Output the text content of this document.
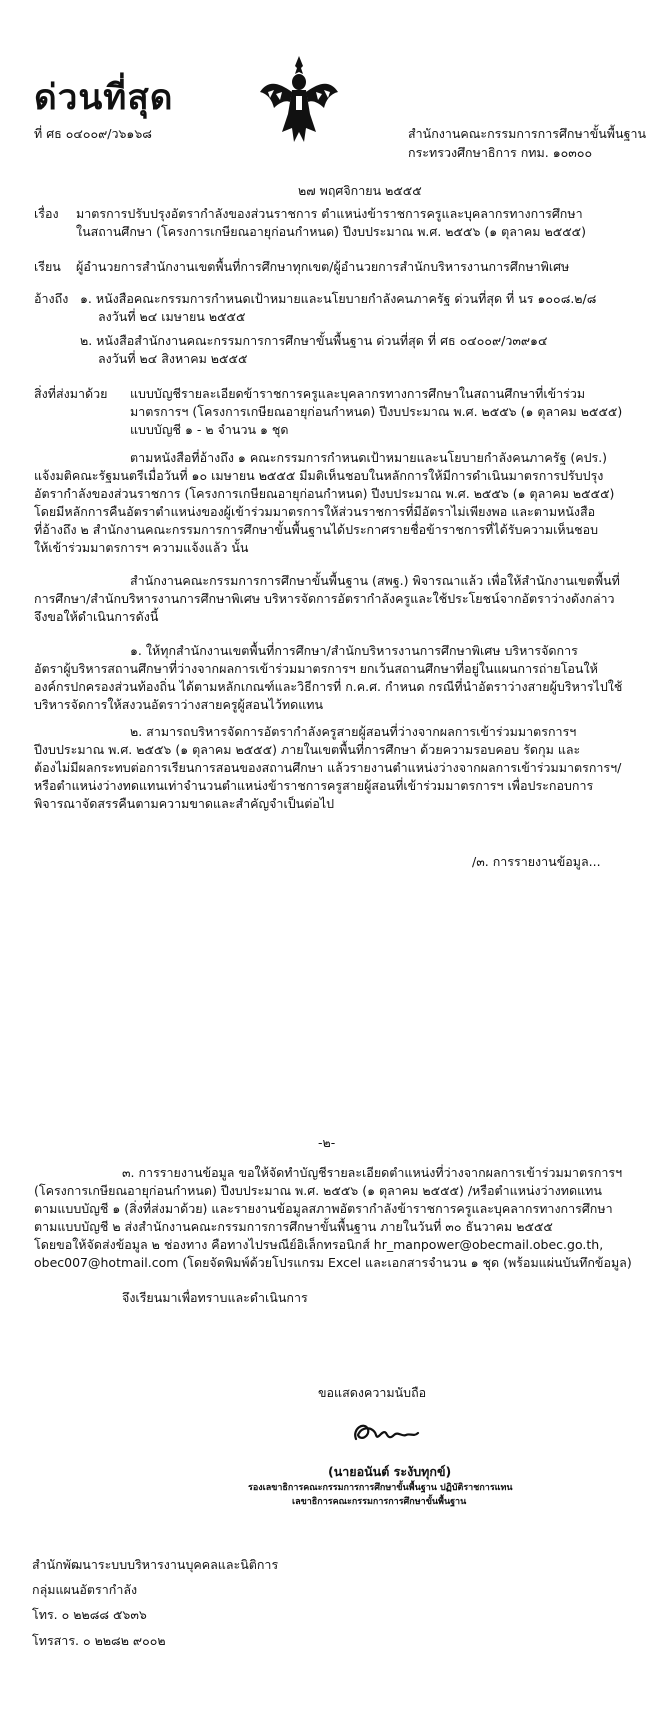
ด่วนที่สุด
ที่ ศธ ๐๔๐๐๙/ว๖๑๖๘	สำนักงานคณะกรรมการการศึกษาขั้นพื้นฐาน
กระทรวงศึกษาธิการ กทม. ๑๐๓๐๐
๒๗ พฤศจิกายน ๒๕๕๕
เรื่อง มาตรการปรับปรุงอัตรากำลังของส่วนราชการ ตำแหน่งข้าราชการครูและบุคลากรทางการศึกษา
ในสถานศึกษา (โครงการเกษียณอายุก่อนกำหนด) ปีงบประมาณ พ.ศ. ๒๕๕๖ (๑ ตุลาคม ๒๕๕๕)
เรียน ผู้อำนวยการสำนักงานเขตพื้นที่การศึกษาทุกเขต/ผู้อำนวยการสำนักบริหารงานการศึกษาพิเศษ
อ้างถึง ๑. หนังสือคณะกรรมการกำหนดเป้าหมายและนโยบายกำลังคนภาครัฐ ด่วนที่สุด ที่ นร ๑๐๐๘.๒/๘
ลงวันที่ ๒๔ เมษายน ๒๕๕๕
๒. หนังสือสำนักงานคณะกรรมการการศึกษาขั้นพื้นฐาน ด่วนที่สุด ที่ ศธ ๐๔๐๐๙/ว๓๙๑๔
ลงวันที่ ๒๔ สิงหาคม ๒๕๕๕
สิ่งที่ส่งมาด้วย แบบบัญชีรายละเอียดข้าราชการครูและบุคลากรทางการศึกษาในสถานศึกษาที่เข้าร่วม
มาตรการฯ (โครงการเกษียณอายุก่อนกำหนด) ปีงบประมาณ พ.ศ. ๒๕๕๖ (๑ ตุลาคม ๒๕๕๕)
แบบบัญชี ๑ - ๒ จำนวน ๑ ชุด
ตามหนังสือที่อ้างถึง ๑ คณะกรรมการกำหนดเป้าหมายและนโยบายกำลังคนภาครัฐ (คปร.)
แจ้งมติคณะรัฐมนตรีเมื่อวันที่ ๑๐ เมษายน ๒๕๕๕ มีมติเห็นชอบในหลักการให้มีการดำเนินมาตรการปรับปรุง
อัตรากำลังของส่วนราชการ (โครงการเกษียณอายุก่อนกำหนด) ปีงบประมาณ พ.ศ. ๒๕๕๖ (๑ ตุลาคม ๒๕๕๕)
โดยมีหลักการคืนอัตราตำแหน่งของผู้เข้าร่วมมาตรการให้ส่วนราชการที่มีอัตราไม่เพียงพอ และตามหนังสือ
ที่อ้างถึง ๒ สำนักงานคณะกรรมการการศึกษาขั้นพื้นฐานได้ประกาศรายชื่อข้าราชการที่ได้รับความเห็นชอบ
ให้เข้าร่วมมาตรการฯ ความแจ้งแล้ว นั้น
สำนักงานคณะกรรมการการศึกษาขั้นพื้นฐาน (สพฐ.) พิจารณาแล้ว เพื่อให้สำนักงานเขตพื้นที่
การศึกษา/สำนักบริหารงานการศึกษาพิเศษ บริหารจัดการอัตรากำลังครูและใช้ประโยชน์จากอัตราว่างดังกล่าว
จึงขอให้ดำเนินการดังนี้
๑. ให้ทุกสำนักงานเขตพื้นที่การศึกษา/สำนักบริหารงานการศึกษาพิเศษ บริหารจัดการ
อัตราผู้บริหารสถานศึกษาที่ว่างจากผลการเข้าร่วมมาตรการฯ ยกเว้นสถานศึกษาที่อยู่ในแผนการถ่ายโอนให้
องค์กรปกครองส่วนท้องถิ่น ได้ตามหลักเกณฑ์และวิธีการที่ ก.ค.ศ. กำหนด กรณีที่นำอัตราว่างสายผู้บริหารไปใช้
บริหารจัดการให้สงวนอัตราว่างสายครูผู้สอนไว้ทดแทน
๒. สามารถบริหารจัดการอัตรากำลังครูสายผู้สอนที่ว่างจากผลการเข้าร่วมมาตรการฯ
ปีงบประมาณ พ.ศ. ๒๕๕๖ (๑ ตุลาคม ๒๕๕๕) ภายในเขตพื้นที่การศึกษา ด้วยความรอบคอบ รัดกุม และ
ต้องไม่มีผลกระทบต่อการเรียนการสอนของสถานศึกษา แล้วรายงานตำแหน่งว่างจากผลการเข้าร่วมมาตรการฯ/
หรือตำแหน่งว่างทดแทนเท่าจำนวนตำแหน่งข้าราชการครูสายผู้สอนที่เข้าร่วมมาตรการฯ เพื่อประกอบการ
พิจารณาจัดสรรคืนตามความขาดและสำคัญจำเป็นต่อไป
/๓. การรายงานข้อมูล...
-๒-
๓. การรายงานข้อมูล ขอให้จัดทำบัญชีรายละเอียดตำแหน่งที่ว่างจากผลการเข้าร่วมมาตรการฯ
(โครงการเกษียณอายุก่อนกำหนด) ปีงบประมาณ พ.ศ. ๒๕๕๖ (๑ ตุลาคม ๒๕๕๕) /หรือตำแหน่งว่างทดแทน
ตามแบบบัญชี ๑ (สิ่งที่ส่งมาด้วย) และรายงานข้อมูลสภาพอัตรากำลังข้าราชการครูและบุคลากรทางการศึกษา
ตามแบบบัญชี ๒ ส่งสำนักงานคณะกรรมการการศึกษาขั้นพื้นฐาน ภายในวันที่ ๓๐ ธันวาคม ๒๕๕๕
โดยขอให้จัดส่งข้อมูล ๒ ช่องทาง คือทางไปรษณีย์อิเล็กทรอนิกส์ hr_manpower@obecmail.obec.go.th,
obec007@hotmail.com (โดยจัดพิมพ์ด้วยโปรแกรม Excel และเอกสารจำนวน ๑ ชุด (พร้อมแผ่นบันทึกข้อมูล)
จึงเรียนมาเพื่อทราบและดำเนินการ
ขอแสดงความนับถือ
(นายอนันต์ ระงับทุกข์)
รองเลขาธิการคณะกรรมการการศึกษาขั้นพื้นฐาน ปฏิบัติราชการแทน
เลขาธิการคณะกรรมการการศึกษาขั้นพื้นฐาน
สำนักพัฒนาระบบบริหารงานบุคคลและนิติการ
กลุ่มแผนอัตรากำลัง
โทร. ๐ ๒๒๘๘ ๕๖๓๖
โทรสาร. ๐ ๒๒๘๒ ๙๐๐๒
